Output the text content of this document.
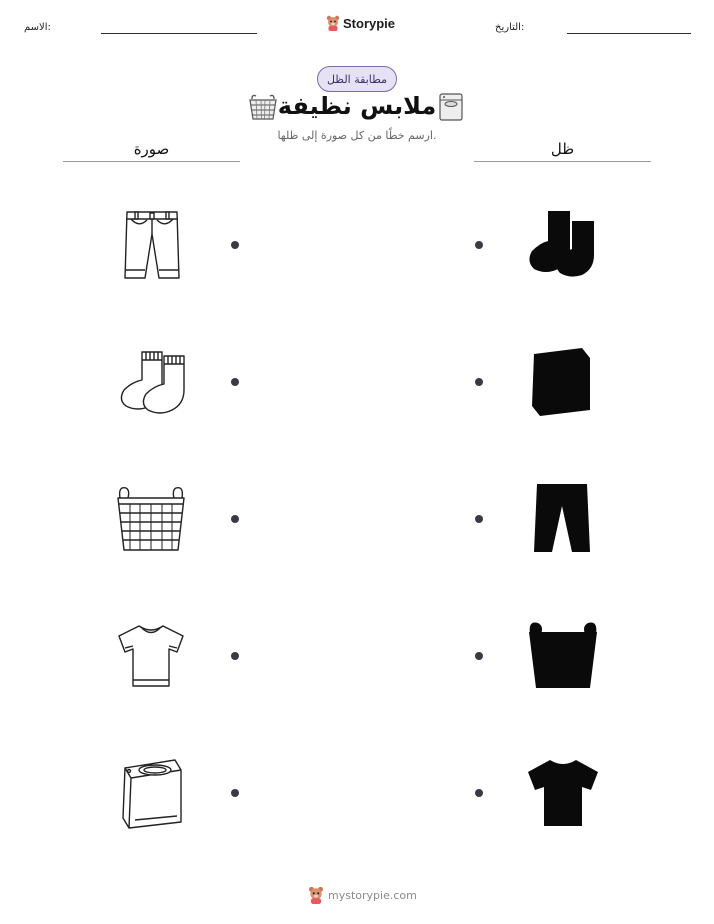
التاريخ:
الاسم:	Storypie
مطابقة الظل
ملابس نظيفة
ارسم خطًا من كل صورة إلى ظلها.
صورة	ظل
mystorypie.com
